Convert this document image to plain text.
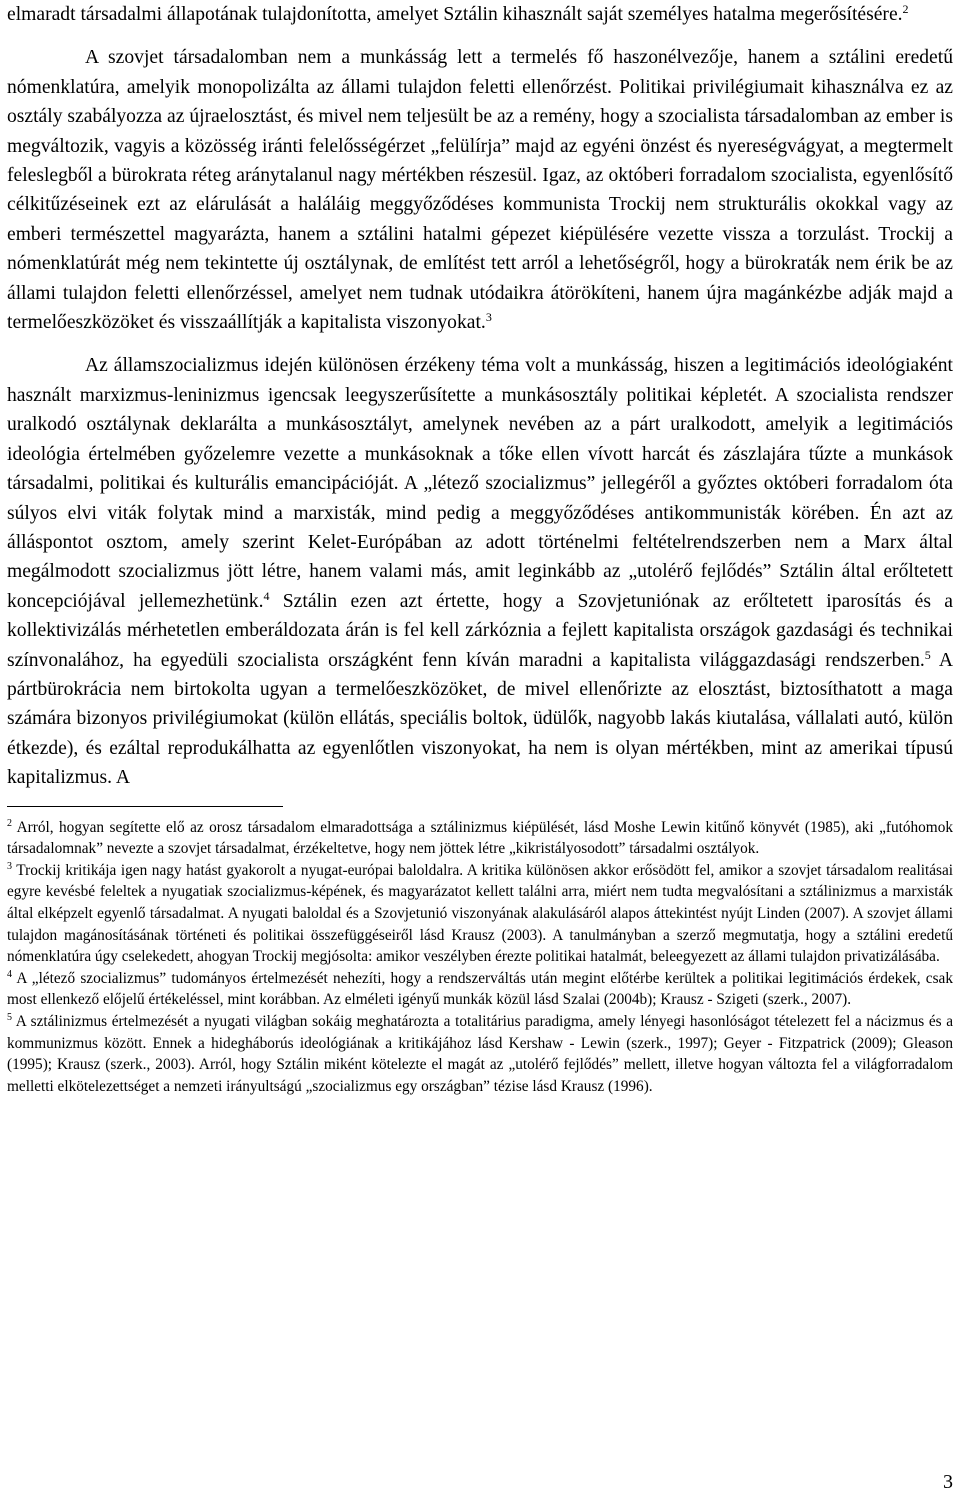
elmaradt társadalmi állapotának tulajdonította, amelyet Sztálin kihasznált saját személyes hatalma megerősítésére.$^2$

A szovjet társadalomban nem a munkásság lett a termelés fő haszonélvezője, hanem a sztálini eredetű nómenklatúra, amelyik monopolizálta az állami tulajdon feletti ellenőrzést. Politikai privilégiumait kihasználva ez az osztály szabályozza az újraelosztást, és mivel nem teljesült be az a remény, hogy a szocialista társadalomban az ember is megváltozik, vagyis a közösség iránti felelősségérzet „felülírja” majd az egyéni önzést és nyereségvágyat, a megtermelt feleslegből a bürokrata réteg aránytalanul nagy mértékben részesül. Igaz, az októberi forradalom szocialista, egyenlősítő célkitűzéseinek ezt az elárulását a haláláig meggyőződéses kommunista Trockij nem strukturális okokkal vagy az emberi természettel magyarázta, hanem a sztálini hatalmi gépezet kiépülésére vezette vissza a torzulást. Trockij a nómenklatúrát még nem tekintette új osztálynak, de említést tett arról a lehetőségről, hogy a bürokraták nem érik be az állami tulajdon feletti ellenőrzéssel, amelyet nem tudnak utódaikra átörökíteni, hanem újra magánkézbe adják majd a termelőeszközöket és visszaállítják a kapitalista viszonyokat.$^3$

Az államszocializmus idején különösen érzékeny téma volt a munkásság, hiszen a legitimációs ideológiaként használt marxizmus-leninizmus igencsak leegyszerűsítette a munkásosztály politikai képletét. A szocialista rendszer uralkodó osztálynak deklarálta a munkásosztályt, amelynek nevében az a párt uralkodott, amelyik a legitimációs ideológia értelmében győzelemre vezette a munkásoknak a tőke ellen vívott harcát és zászlajára tűzte a munkások társadalmi, politikai és kulturális emancipációját. A „létező szocializmus” jellegéről a győztes októberi forradalom óta súlyos elvi viták folytak mind a marxisták, mind pedig a meggyőződéses antikommunisták körében. Én azt az álláspontot osztom, amely szerint Kelet-Európában az adott történelmi feltételrendszerben nem a Marx által megálmodott szocializmus jött létre, hanem valami más, amit leginkább az „utolérő fejlődés” Sztálin által erőltetett koncepciójával jellemezhetünk.$^4$ Sztálin ezen azt értette, hogy a Szovjetuniónak az erőltetett iparosítás és a kollektivizálás mérhetetlen emberáldozata árán is fel kell zárkóznia a fejlett kapitalista országok gazdasági és technikai színvonalához, ha egyedüli szocialista országként fenn kíván maradni a kapitalista világgazdasági rendszerben.$^5$ A pártbürokrácia nem birtokolta ugyan a termelőeszközöket, de mivel ellenőrizte az elosztást, biztosíthatott a maga számára bizonyos privilégiumokat (külön ellátás, speciális boltok, üdülők, nagyobb lakás kiutalása, vállalati autó, külön étkezde), és ezáltal reprodukálhatta az egyenlőtlen viszonyokat, ha nem is olyan mértékben, mint az amerikai típusú kapitalizmus. A

$^2$ Arról, hogyan segítette elő az orosz társadalom elmaradottsága a sztálinizmus kiépülését, lásd Moshe Lewin kitűnő könyvét (1985), aki „futóhomok társadalomnak” nevezte a szovjet társadalmat, érzékeltetve, hogy nem jöttek létre „kikristályosodott” társadalmi osztályok.

$^3$ Trockij kritikája igen nagy hatást gyakorolt a nyugat-európai baloldalra. A kritika különösen akkor erősödött fel, amikor a szovjet társadalom realitásai egyre kevésbé feleltek a nyugatiak szocializmus-képének, és magyarázatot kellett találni arra, miért nem tudta megvalósítani a sztálinizmus a marxisták által elképzelt egyenlő társadalmat. A nyugati baloldal és a Szovjetunió viszonyának alakulásáról alapos áttekintést nyújt Linden (2007). A szovjet állami tulajdon magánosításának történeti és politikai összefüggéseiről lásd Krausz (2003). A tanulmányban a szerző megmutatja, hogy a sztálini eredetű nómenklatúra úgy cselekedett, ahogyan Trockij megjósolta: amikor veszélyben érezte politikai hatalmát, beleegyezett az állami tulajdon privatizálásába.

$^4$ A „létező szocializmus” tudományos értelmezését nehezíti, hogy a rendszerváltás után megint előtérbe kerültek a politikai legitimációs érdekek, csak most ellenkező előjelű értékeléssel, mint korábban. Az elméleti igényű munkák közül lásd Szalai (2004b); Krausz - Szigeti (szerk., 2007).

$^5$ A sztálinizmus értelmezését a nyugati világban sokáig meghatározta a totalitárius paradigma, amely lényegi hasonlóságot tételezett fel a nácizmus és a kommunizmus között. Ennek a hidegháborús ideológiának a kritikájához lásd Kershaw - Lewin (szerk., 1997); Geyer - Fitzpatrick (2009); Gleason (1995); Krausz (szerk., 2003). Arról, hogy Sztálin miként kötelezte el magát az „utolérő fejlődés” mellett, illetve hogyan változta fel a világforradalom melletti elkötelezettséget a nemzeti irányultságú „szocializmus egy országban” tézise lásd Krausz (1996).

3
